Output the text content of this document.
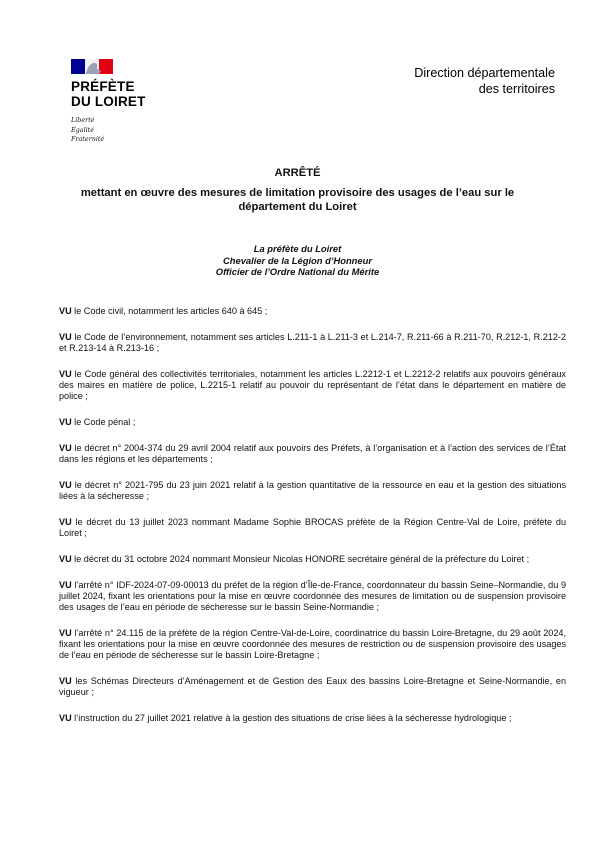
PRÉFÈTE
DU LOIRET
Liberté
Égalité
Fraternité
Direction départementale
des territoires
ARRÊTÉ
mettant en œuvre des mesures de limitation provisoire des usages de l’eau sur le département du Loiret
La préfète du Loiret
Chevalier de la Légion d’Honneur
Officier de l’Ordre National du Mérite

VU le Code civil, notamment les articles 640 à 645 ;

VU le Code de l’environnement, notamment ses articles L.211-1 à L.211-3 et L.214-7, R.211-66 à R.211-70, R.212-1, R.212-2 et R.213-14 à R.213-16 ;

VU le Code général des collectivités territoriales, notamment les articles L.2212-1 et L.2212-2 relatifs aux pouvoirs généraux des maires en matière de police, L.2215-1 relatif au pouvoir du représentant de l’état dans le département en matière de police ;

VU le Code pénal ;

VU le décret n° 2004-374 du 29 avril 2004 relatif aux pouvoirs des Préfets, à l’organisation et à l’action des services de l’État dans les régions et les départements ;

VU le décret n° 2021-795 du 23 juin 2021 relatif à la gestion quantitative de la ressource en eau et la gestion des situations liées à la sécheresse ;

VU le décret du 13 juillet 2023 nommant Madame Sophie BROCAS préfète de la Région Centre-Val de Loire, préfète du Loiret ;

VU le décret du 31 octobre 2024 nommant Monsieur Nicolas HONORE secrétaire général de la préfecture du Loiret ;

VU l’arrêté n° IDF-2024-07-09-00013 du préfet de la région d’Île-de-France, coordonnateur du bassin Seine–Normandie, du 9 juillet 2024, fixant les orientations pour la mise en œuvre coordonnée des mesures de limitation ou de suspension provisoire des usages de l’eau en période de sécheresse sur le bassin Seine-Normandie ;

VU l’arrêté n° 24.115 de la préfète de la région Centre-Val-de-Loire, coordinatrice du bassin Loire-Bretagne, du 29 août 2024, fixant les orientations pour la mise en œuvre coordonnée des mesures de restriction ou de suspension provisoire des usages de l’eau en période de sécheresse sur le bassin Loire-Bretagne ;

VU les Schémas Directeurs d’Aménagement et de Gestion des Eaux des bassins Loire-Bretagne et Seine-Normandie, en vigueur ;

VU l’instruction du 27 juillet 2021 relative à la gestion des situations de crise liées à la sécheresse hydrologique ;
